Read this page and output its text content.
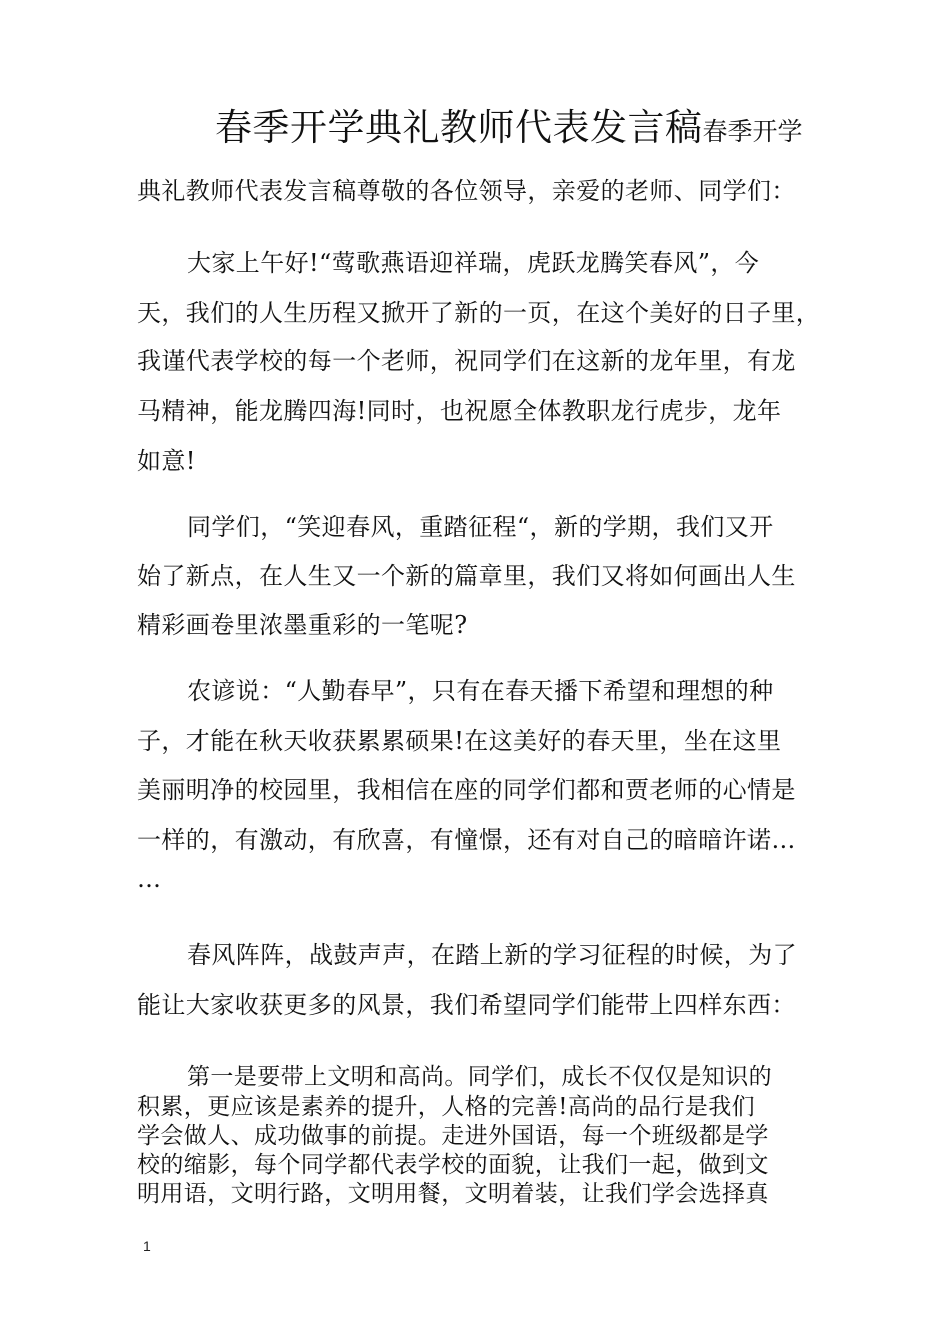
春季开学典礼教师代表发言稿春季开学
典礼教师代表发言稿尊敬的各位领导，亲爱的老师、同学们：
大家上午好!“莺歌燕语迎祥瑞，虎跃龙腾笑春风”，今
天，我们的人生历程又掀开了新的一页，在这个美好的日子里，
我谨代表学校的每一个老师，祝同学们在这新的龙年里，有龙
马精神，能龙腾四海!同时，也祝愿全体教职龙行虎步，龙年
如意!
同学们，“笑迎春风，重踏征程“，新的学期，我们又开
始了新点，在人生又一个新的篇章里，我们又将如何画出人生
精彩画卷里浓墨重彩的一笔呢?
农谚说：“人勤春早”，只有在春天播下希望和理想的种
子，才能在秋天收获累累硕果!在这美好的春天里，坐在这里
美丽明净的校园里，我相信在座的同学们都和贾老师的心情是
一样的，有激动，有欣喜，有憧憬，还有对自己的暗暗许诺…
…
春风阵阵，战鼓声声，在踏上新的学习征程的时候，为了
能让大家收获更多的风景，我们希望同学们能带上四样东西：
第一是要带上文明和高尚。同学们，成长不仅仅是知识的
积累，更应该是素养的提升，人格的完善!高尚的品行是我们
学会做人、成功做事的前提。走进外国语，每一个班级都是学
校的缩影，每个同学都代表学校的面貌，让我们一起，做到文
明用语，文明行路，文明用餐，文明着装，让我们学会选择真
1
